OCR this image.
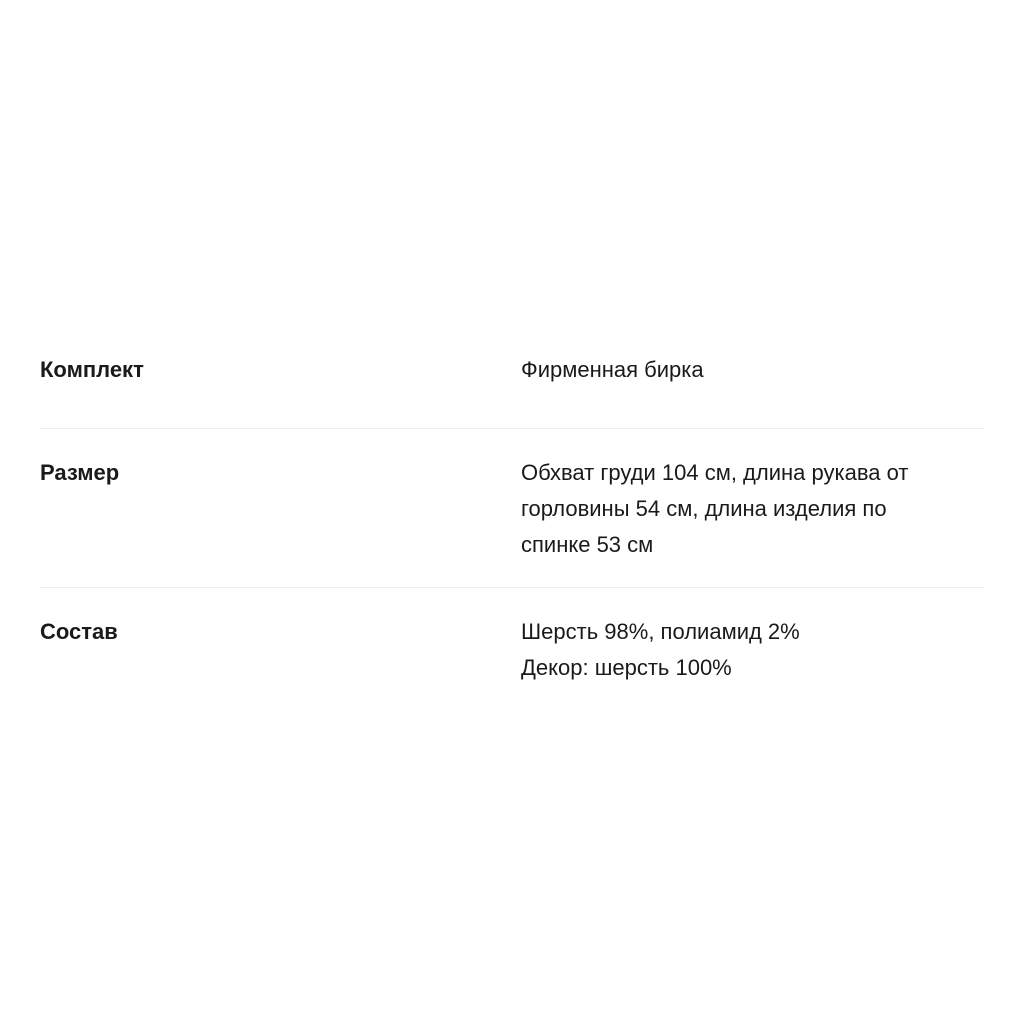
Комплект	Фирменная бирка
Размер	Обхват груди 104 см, длина рукава от горловины 54 см, длина изделия по спинке 53 см
Состав	Шерсть 98%, полиамид 2%
Декор: шерсть 100%
